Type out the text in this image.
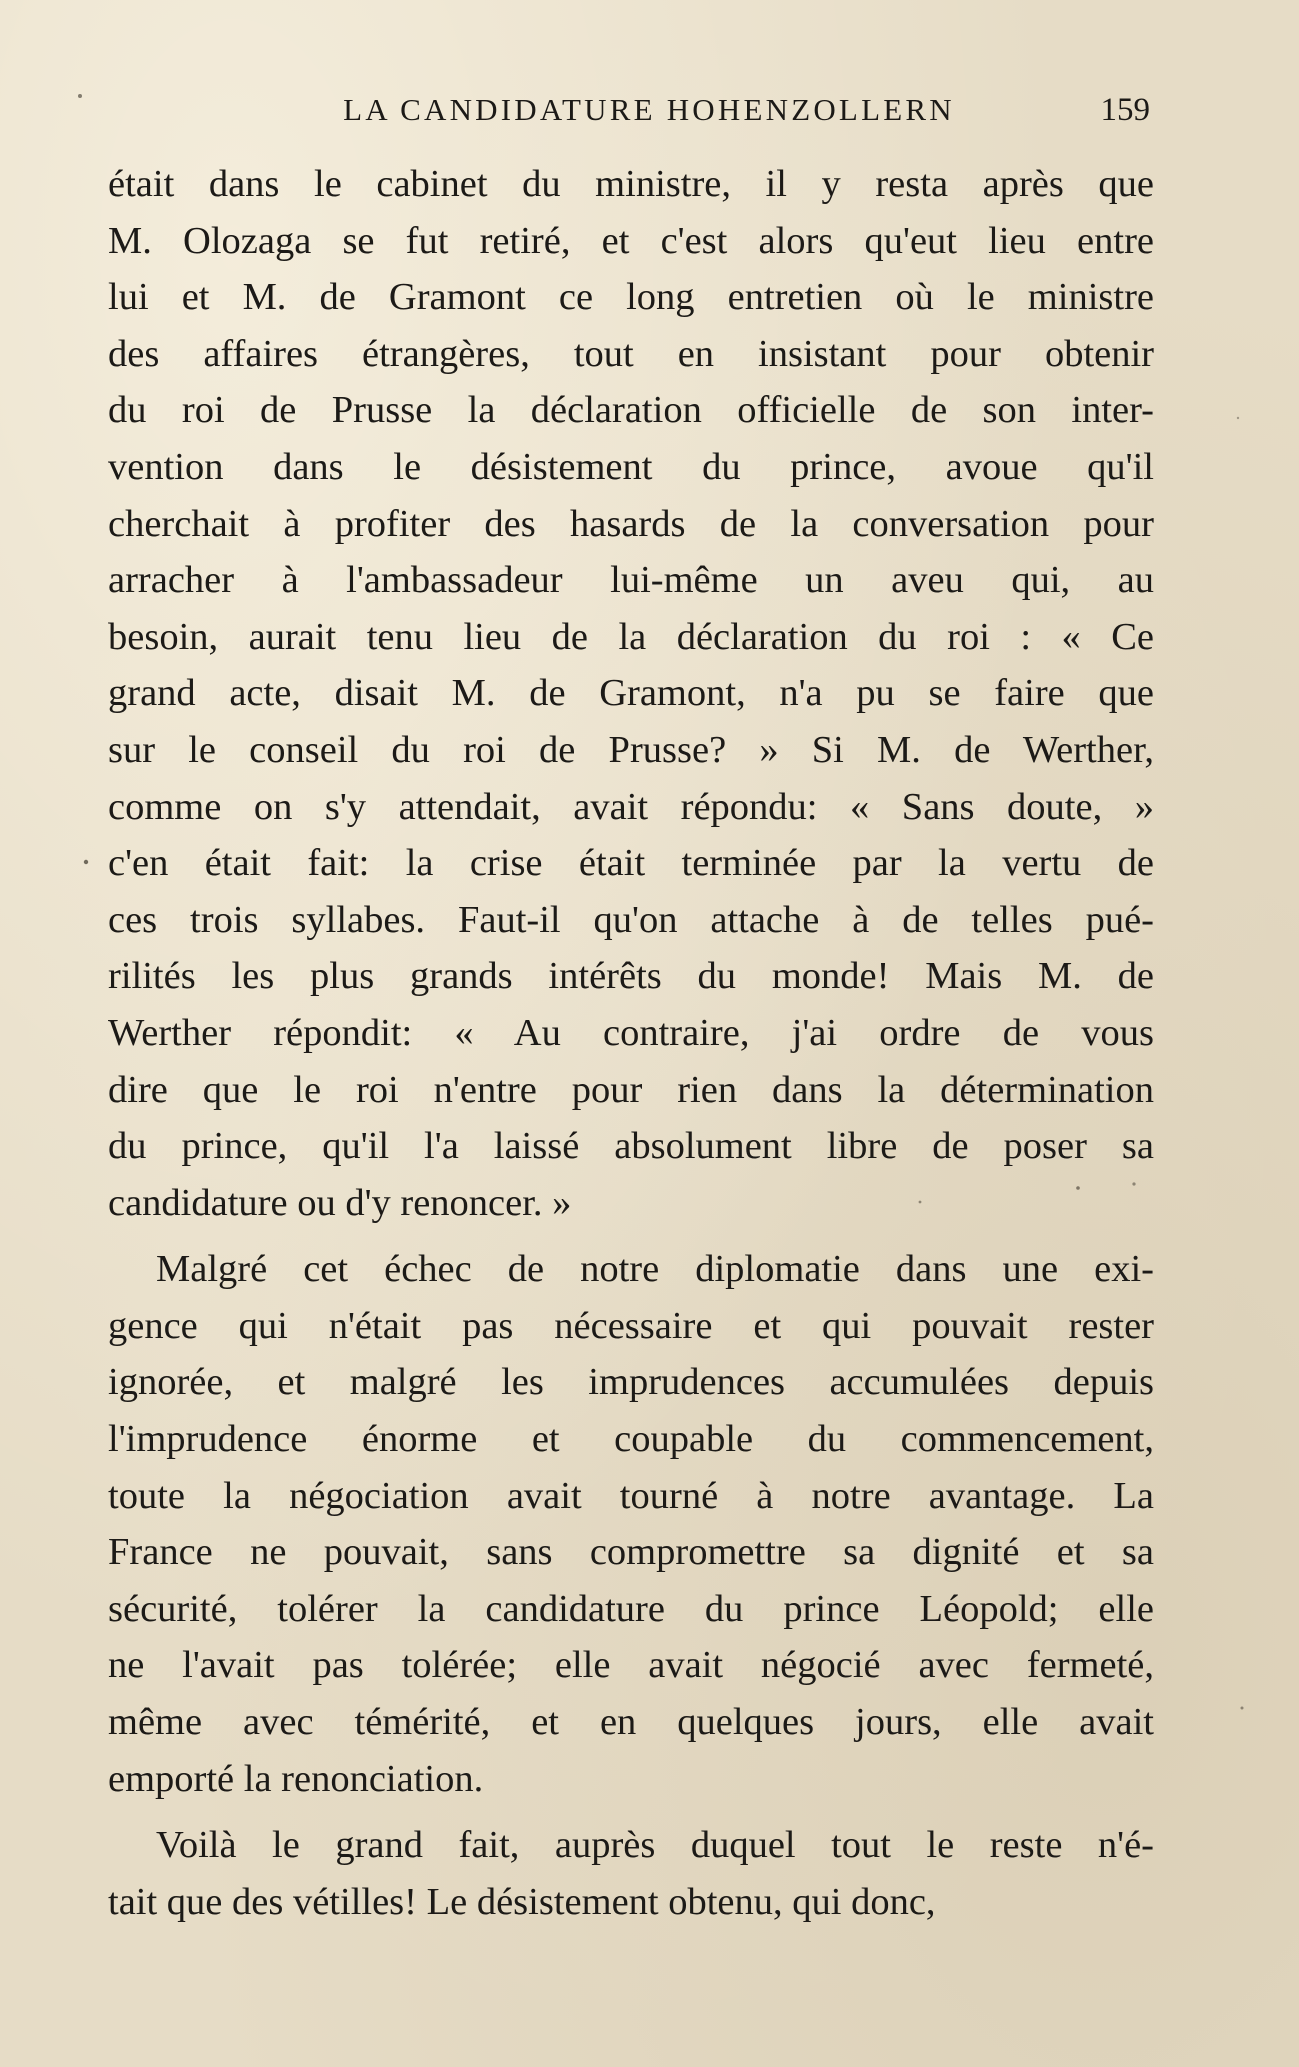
LA CANDIDATURE HOHENZOLLERN	159
était dans le cabinet du ministre, il y resta après que
M. Olozaga se fut retiré, et c'est alors qu'eut lieu entre
lui et M. de Gramont ce long entretien où le ministre
des affaires étrangères, tout en insistant pour obtenir
du roi de Prusse la déclaration officielle de son inter-
vention dans le désistement du prince, avoue qu'il
cherchait à profiter des hasards de la conversation pour
arracher à l'ambassadeur lui-même un aveu qui, au
besoin, aurait tenu lieu de la déclaration du roi : « Ce
grand acte, disait M. de Gramont, n'a pu se faire que
sur le conseil du roi de Prusse? » Si M. de Werther,
comme on s'y attendait, avait répondu: « Sans doute, »
c'en était fait: la crise était terminée par la vertu de
ces trois syllabes. Faut-il qu'on attache à de telles pué-
rilités les plus grands intérêts du monde! Mais M. de
Werther répondit: « Au contraire, j'ai ordre de vous
dire que le roi n'entre pour rien dans la détermination
du prince, qu'il l'a laissé absolument libre de poser sa
candidature ou d'y renoncer. »
Malgré cet échec de notre diplomatie dans une exi-
gence qui n'était pas nécessaire et qui pouvait rester
ignorée, et malgré les imprudences accumulées depuis
l'imprudence énorme et coupable du commencement,
toute la négociation avait tourné à notre avantage. La
France ne pouvait, sans compromettre sa dignité et sa
sécurité, tolérer la candidature du prince Léopold; elle
ne l'avait pas tolérée; elle avait négocié avec fermeté,
même avec témérité, et en quelques jours, elle avait
emporté la renonciation.
Voilà le grand fait, auprès duquel tout le reste n'é-
tait que des vétilles! Le désistement obtenu, qui donc,
